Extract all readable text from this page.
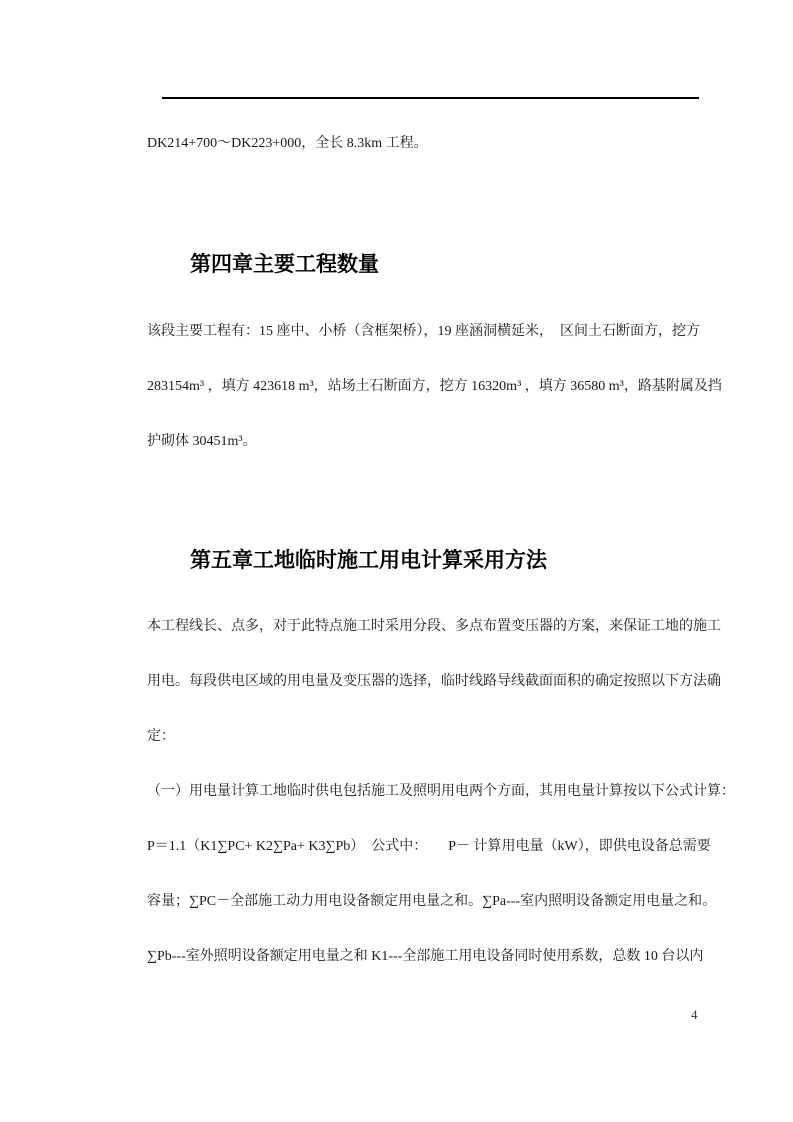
DK214+700～DK223+000，全长 8.3km 工程。
第四章主要工程数量
该段主要工程有：15 座中、小桥（含框架桥），19 座涵洞横延米，  区间土石断面方，挖方
283154m³ ，填方 423618 m³，站场土石断面方，挖方 16320m³ ，填方 36580 m³，路基附属及挡
护砌体 30451m³。
第五章工地临时施工用电计算采用方法
本工程线长、点多，对于此特点施工时采用分段、多点布置变压器的方案，来保证工地的施工
用电。每段供电区域的用电量及变压器的选择，临时线路导线截面面积的确定按照以下方法确
定：
（一）用电量计算工地临时供电包括施工及照明用电两个方面，其用电量计算按以下公式计算：
P＝1.1（K1∑PC+ K2∑Pa+ K3∑Pb）  公式中：      P－ 计算用电量（kW），即供电设备总需要
容量；∑PC－全部施工动力用电设备额定用电量之和。∑Pa---室内照明设备额定用电量之和。
∑Pb---室外照明设备额定用电量之和 K1---全部施工用电设备同时使用系数，总数 10 台以内
4
